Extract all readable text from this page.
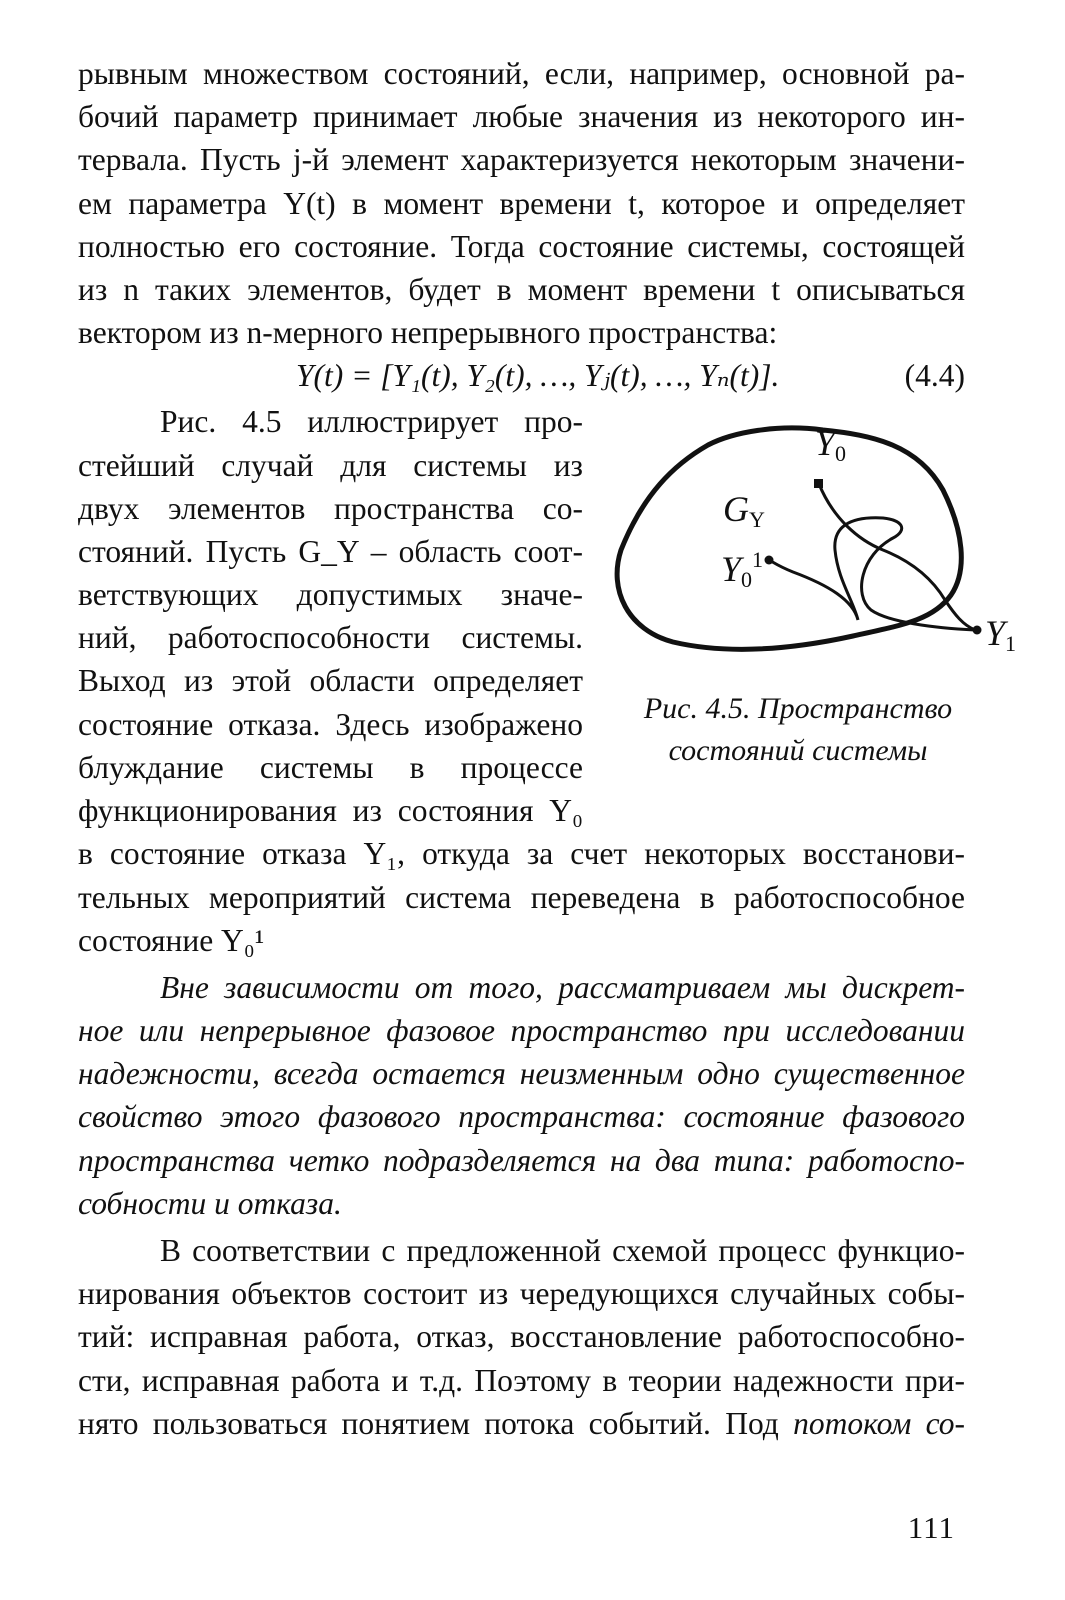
рывным множеством состояний, если, например, основной ра-
бочий параметр принимает любые значения из некоторого ин-
тервала. Пусть j-й элемент характеризуется некоторым значени-
ем параметра Y(t) в момент времени t, которое и определяет
полностью его состояние. Тогда состояние системы, состоящей
из n таких элементов, будет в момент времени t описываться
вектором из n-мерного непрерывного пространства:
Y(t) = [Y₁(t), Y₂(t), …, Yⱼ(t), …, Yₙ(t)].	(4.4)
Рис. 4.5 иллюстрирует про-
стейший случай для системы из
двух элементов пространства со-
стояний. Пусть G_Y – область соот-
ветствующих допустимых значе-
ний, работоспособности системы.
Выход из этой области определяет
состояние отказа. Здесь изображено
блуждание системы в процессе
функционирования из состояния Y₀
Y0
GY
$Y0^1$
Y1
Рис. 4.5. Пространство
состояний системы
в состояние отказа Y₁, откуда за счет некоторых восстанови-
тельных мероприятий система переведена в работоспособное
состояние Y₀¹
Вне зависимости от того, рассматриваем мы дискрет-
ное или непрерывное фазовое пространство при исследовании
надежности, всегда остается неизменным одно существенное
свойство этого фазового пространства: состояние фазового
пространства четко подразделяется на два типа: работоспо-
собности и отказа.
В соответствии с предложенной схемой процесс функцио-
нирования объектов состоит из чередующихся случайных собы-
тий: исправная работа, отказ, восстановление работоспособно-
сти, исправная работа и т.д. Поэтому в теории надежности при-
нято пользоваться понятием потока событий. Под потоком со-
111
